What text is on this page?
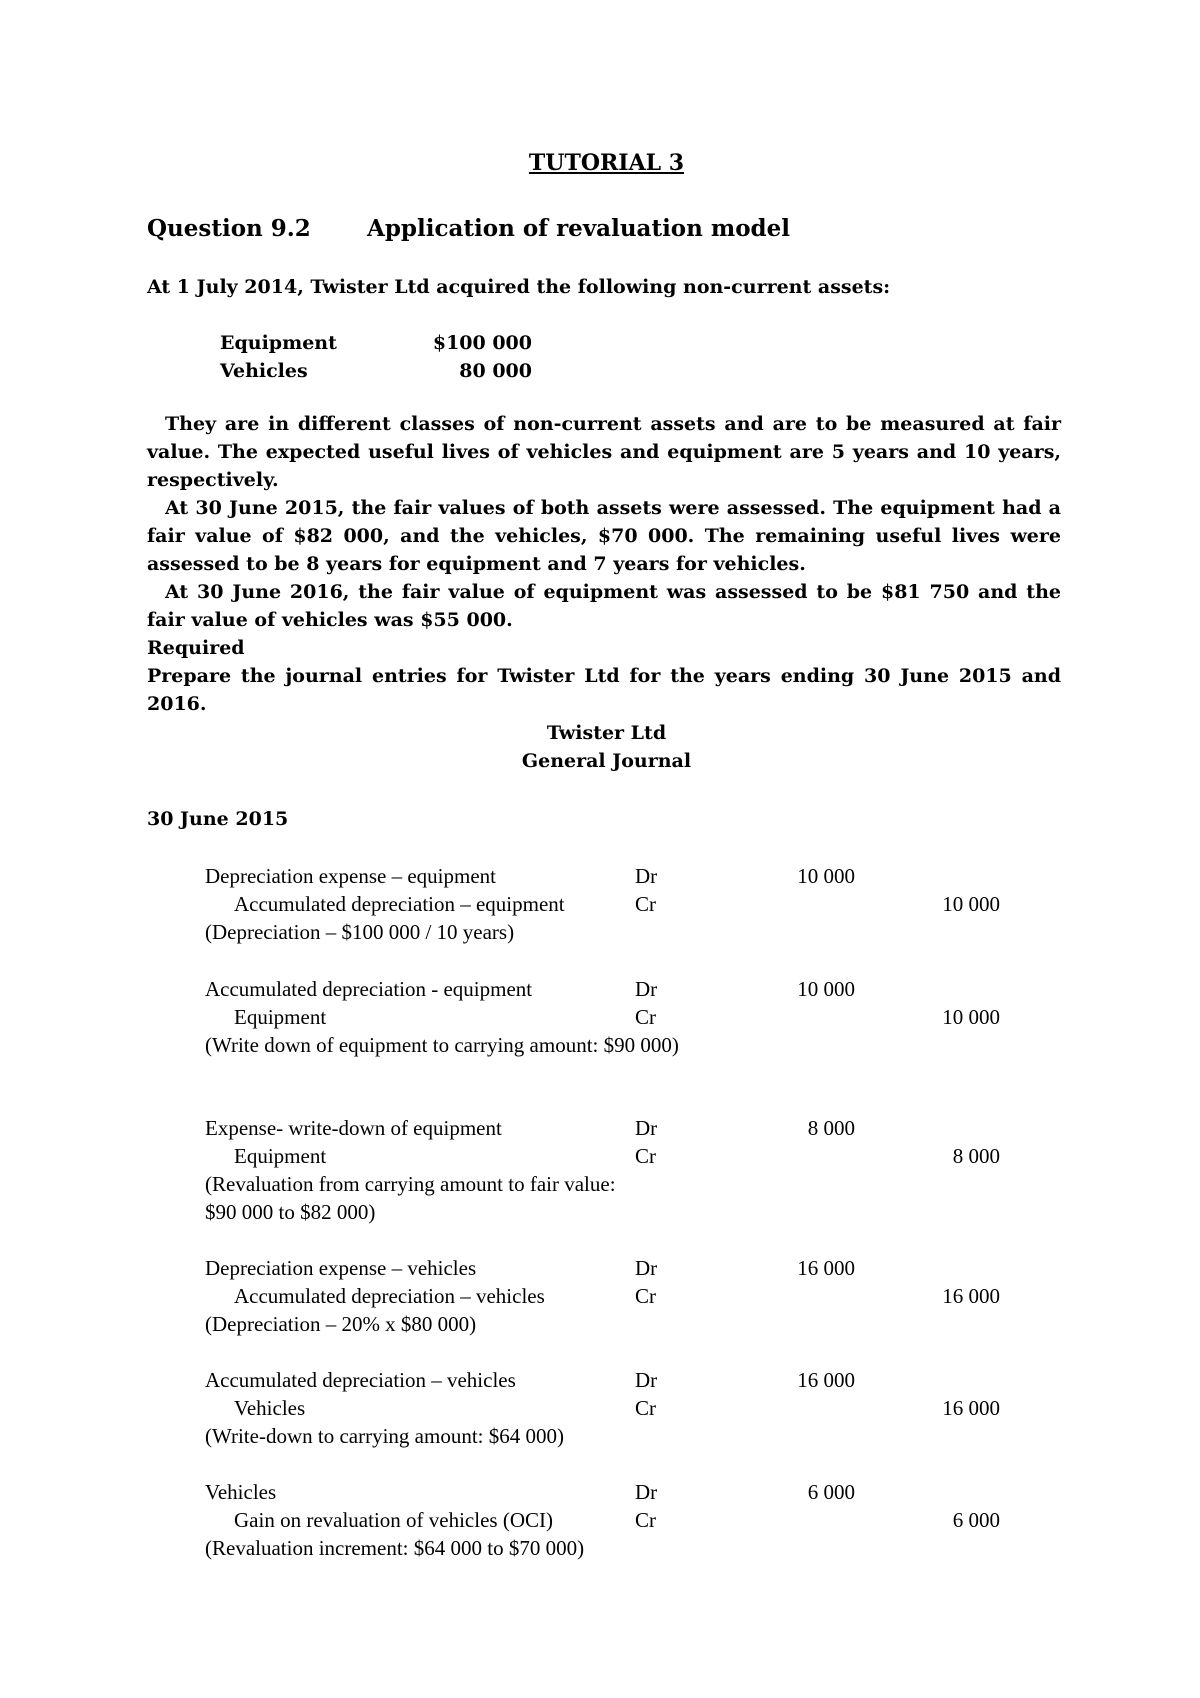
TUTORIAL 3
Question 9.2 Application of revaluation model
At 1 July 2014, Twister Ltd acquired the following non-current assets:
Equipment	$100 000
Vehicles	80 000

They are in different classes of non-current assets and are to be measured at fair value. The expected useful lives of vehicles and equipment are 5 years and 10 years, respectively.

At 30 June 2015, the fair values of both assets were assessed. The equipment had a fair value of $82 000, and the vehicles, $70 000. The remaining useful lives were assessed to be 8 years for equipment and 7 years for vehicles.

At 30 June 2016, the fair value of equipment was assessed to be $81 750 and the fair value of vehicles was $55 000.

Required

Prepare the journal entries for Twister Ltd for the years ending 30 June 2015 and 2016.

Twister Ltd
General Journal
30 June 2015
Depreciation expense – equipment	Dr	10 000
Accumulated depreciation – equipment	Cr	10 000
(Depreciation – $100 000 / 10 years)
Accumulated depreciation - equipment	Dr	10 000
Equipment	Cr	10 000
(Write down of equipment to carrying amount: $90 000)
Expense- write-down of equipment	Dr	8 000
Equipment	Cr	8 000
(Revaluation from carrying amount to fair value:
$90 000 to $82 000)
Depreciation expense – vehicles	Dr	16 000
Accumulated depreciation – vehicles	Cr	16 000
(Depreciation – 20% x $80 000)
Accumulated depreciation – vehicles	Dr	16 000
Vehicles	Cr	16 000
(Write-down to carrying amount: $64 000)
Vehicles	Dr	6 000
Gain on revaluation of vehicles (OCI)	Cr	6 000
(Revaluation increment: $64 000 to $70 000)
